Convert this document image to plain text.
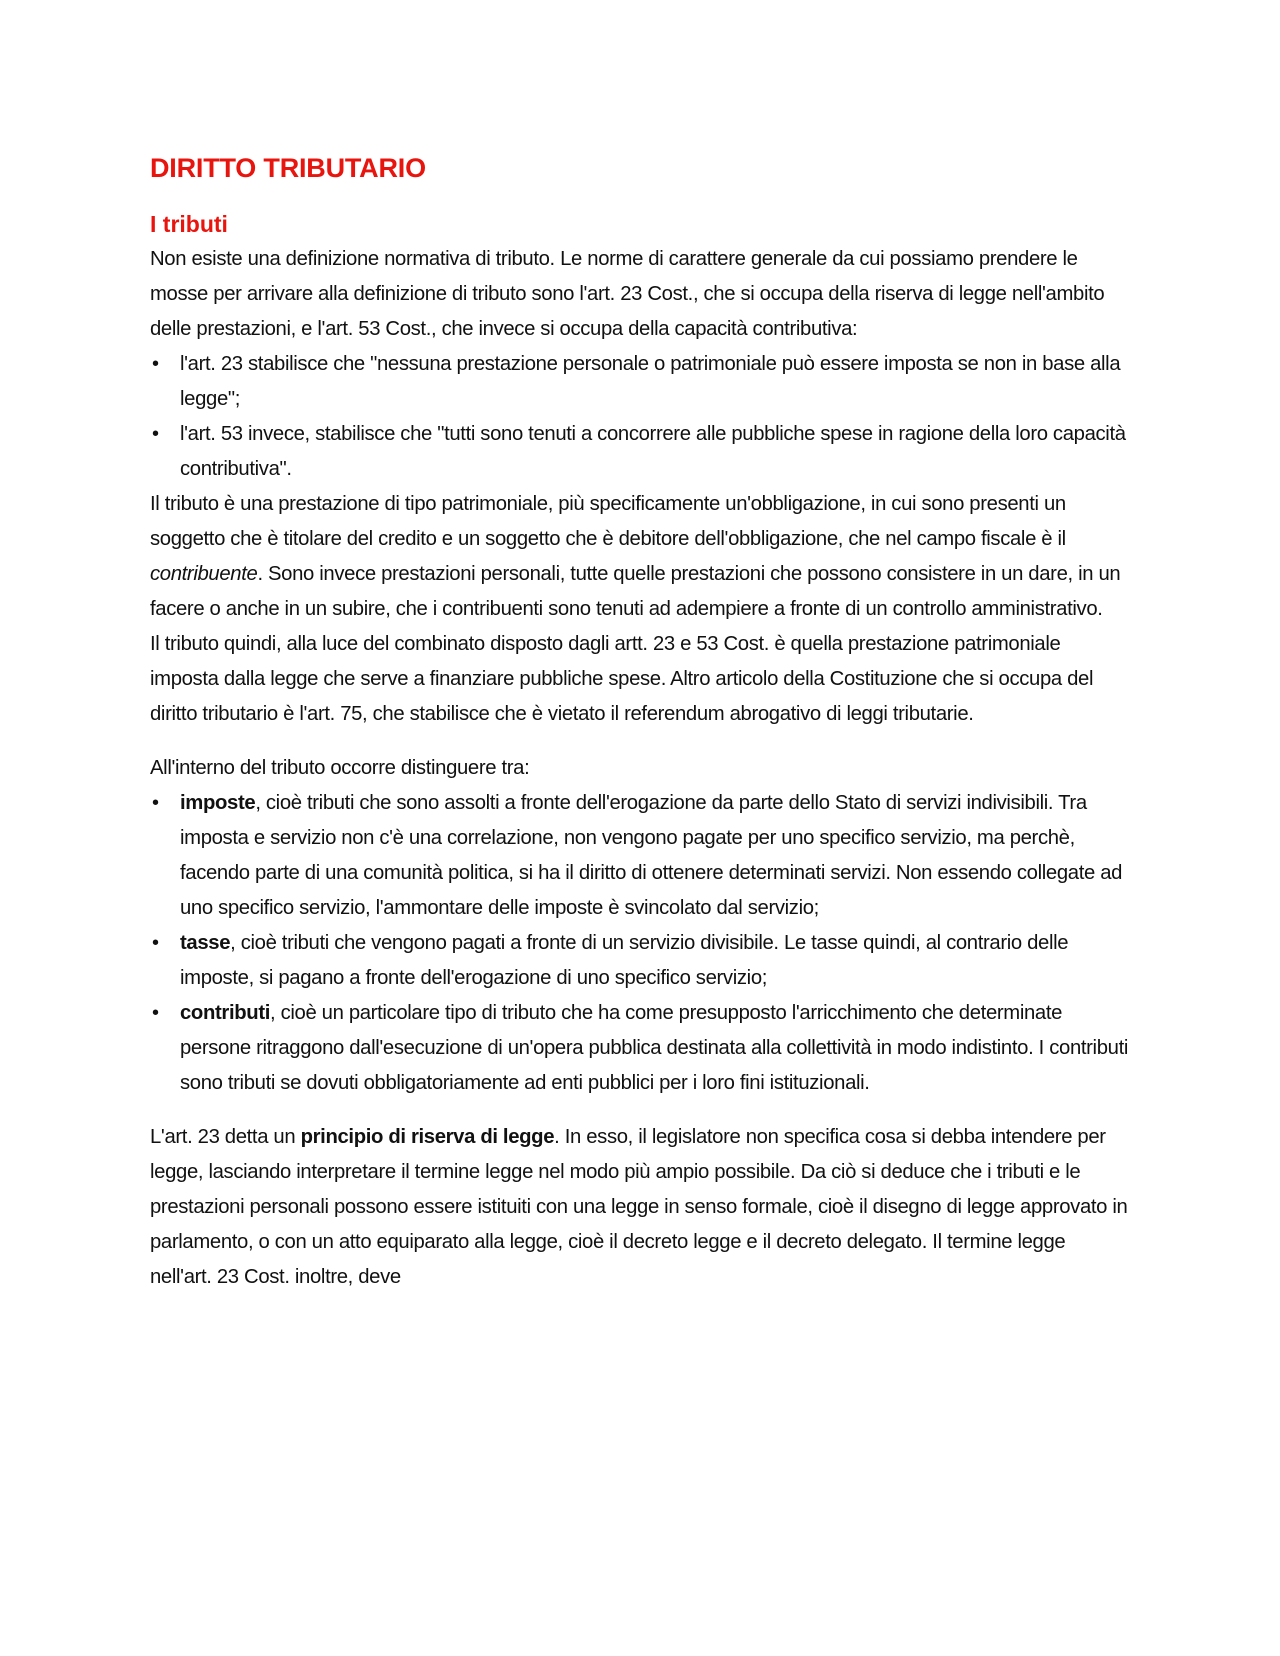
DIRITTO TRIBUTARIO
I tributi

Non esiste una definizione normativa di tributo. Le norme di carattere generale da cui possiamo prendere le mosse per arrivare alla definizione di tributo sono l'art. 23 Cost., che si occupa della riserva di legge nell'ambito delle prestazioni, e l'art. 53 Cost., che invece si occupa della capacità contributiva:

•	l'art. 23 stabilisce che "nessuna prestazione personale o patrimoniale può essere imposta se non in base alla legge";
•	l'art. 53 invece, stabilisce che "tutti sono tenuti a concorrere alle pubbliche spese in ragione della loro capacità contributiva".

Il tributo è una prestazione di tipo patrimoniale, più specificamente un'obbligazione, in cui sono presenti un soggetto che è titolare del credito e un soggetto che è debitore dell'obbligazione, che nel campo fiscale è il contribuente. Sono invece prestazioni personali, tutte quelle prestazioni che possono consistere in un dare, in un facere o anche in un subire, che i contribuenti sono tenuti ad adempiere a fronte di un controllo amministrativo.

Il tributo quindi, alla luce del combinato disposto dagli artt. 23 e 53 Cost. è quella prestazione patrimoniale imposta dalla legge che serve a finanziare pubbliche spese. Altro articolo della Costituzione che si occupa del diritto tributario è l'art. 75, che stabilisce che è vietato il referendum abrogativo di leggi tributarie.

All'interno del tributo occorre distinguere tra:

•	imposte, cioè tributi che sono assolti a fronte dell'erogazione da parte dello Stato di servizi indivisibili. Tra imposta e servizio non c'è una correlazione, non vengono pagate per uno specifico servizio, ma perchè, facendo parte di una comunità politica, si ha il diritto di ottenere determinati servizi. Non essendo collegate ad uno specifico servizio, l'ammontare delle imposte è svincolato dal servizio;
•	tasse, cioè tributi che vengono pagati a fronte di un servizio divisibile. Le tasse quindi, al contrario delle imposte, si pagano a fronte dell'erogazione di uno specifico servizio;
•	contributi, cioè un particolare tipo di tributo che ha come presupposto l'arricchimento che determinate persone ritraggono dall'esecuzione di un'opera pubblica destinata alla collettività in modo indistinto. I contributi sono tributi se dovuti obbligatoriamente ad enti pubblici per i loro fini istituzionali.

L'art. 23 detta un principio di riserva di legge. In esso, il legislatore non specifica cosa si debba intendere per legge, lasciando interpretare il termine legge nel modo più ampio possibile. Da ciò si deduce che i tributi e le prestazioni personali possono essere istituiti con una legge in senso formale, cioè il disegno di legge approvato in parlamento, o con un atto equiparato alla legge, cioè il decreto legge e il decreto delegato. Il termine legge nell'art. 23 Cost. inoltre, deve
